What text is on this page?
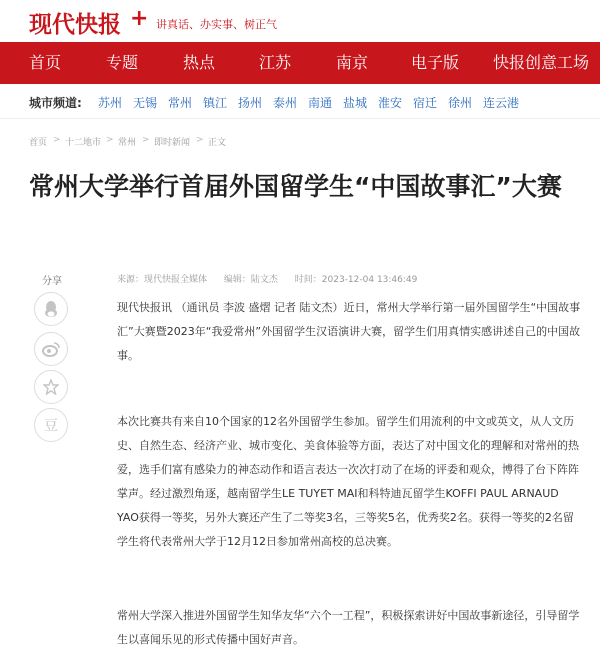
现代快报 + 讲真话、办实事、树正气
首页	专题	热点	江苏	南京	电子版 快报创意工场
城市频道: 苏州 无锡 常州 镇江 扬州 泰州 南通 盐城 淮安 宿迁 徐州 连云港
首页 > 十二地市 > 常州 > 即时新闻 > 正文
常州大学举行首届外国留学生“中国故事汇”大赛
分享
豆
来源：现代快报全媒体 编辑：陆文杰 时间：2023-12-04 13:46:49
现代快报讯 （通讯员 李波 盛熠 记者 陆文杰）近日，常州大学举行第一届外国留学生“中国故事汇”大赛暨2023年“我爱常州”外国留学生汉语演讲大赛，留学生们用真情实感讲述自己的中国故事。
本次比赛共有来自10个国家的12名外国留学生参加。留学生们用流利的中文或英文，从人文历史、自然生态、经济产业、城市变化、美食体验等方面，表达了对中国文化的理解和对常州的热爱，选手们富有感染力的神态动作和语言表达一次次打动了在场的评委和观众，博得了台下阵阵掌声。经过激烈角逐，越南留学生LE TUYET MAI和科特迪瓦留学生KOFFI PAUL ARNAUD YAO获得一等奖，另外大赛还产生了二等奖3名，三等奖5名，优秀奖2名。获得一等奖的2名留学生将代表常州大学于12月12日参加常州高校的总决赛。
常州大学深入推进外国留学生知华友华“六个一工程”，积极探索讲好中国故事新途径，引导留学生以喜闻乐见的形式传播中国好声音。
